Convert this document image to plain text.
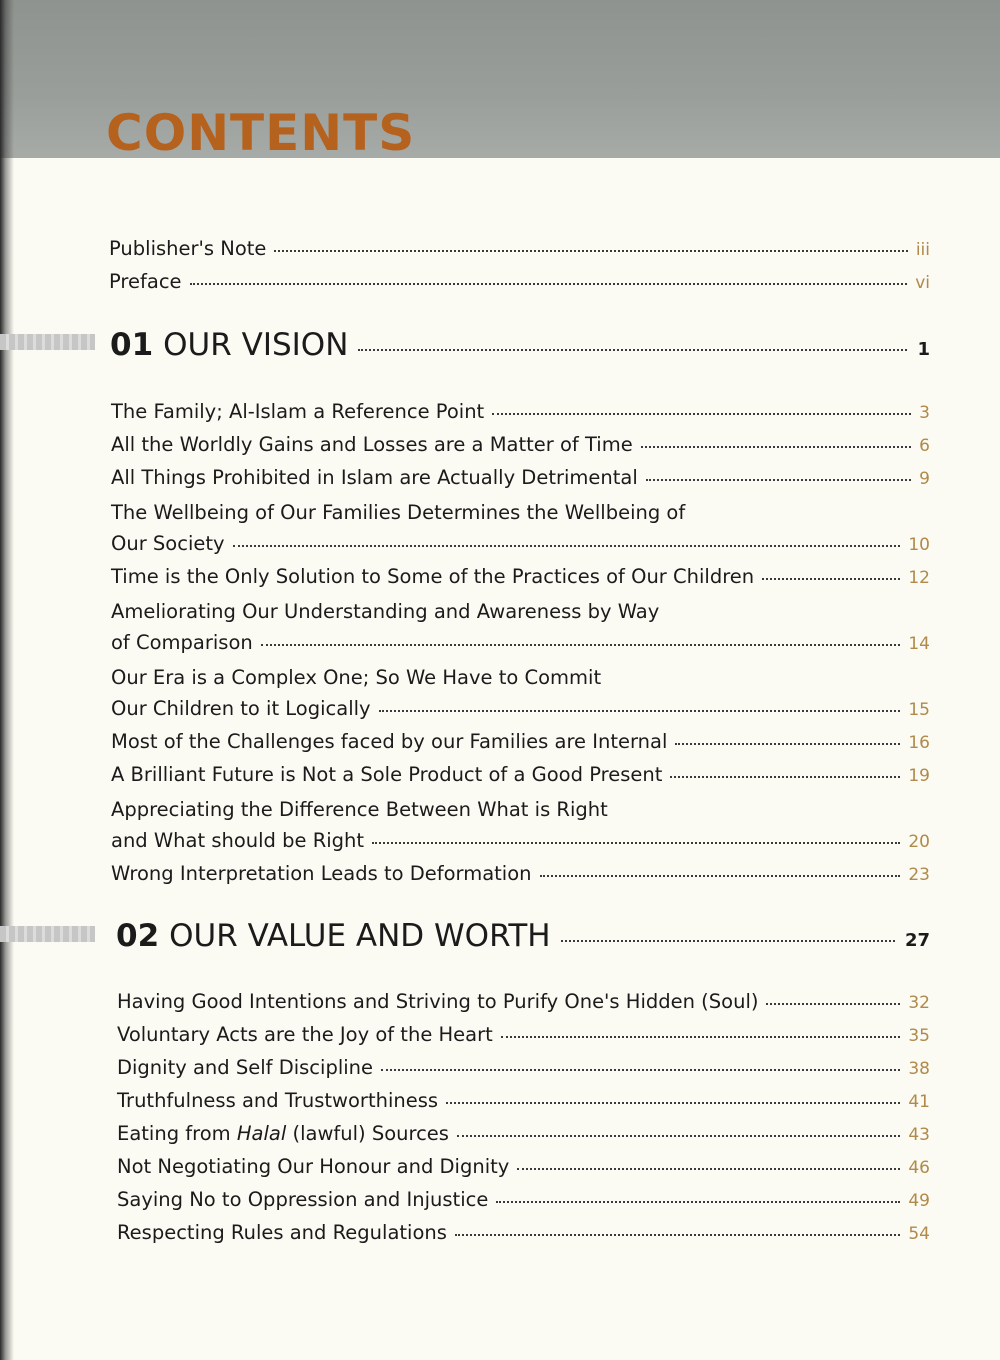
CONTENTS
Publisher's Note	iii
Preface	vi
01 OUR VISION	1
The Family; Al-Islam a Reference Point	3
All the Worldly Gains and Losses are a Matter of Time	6
All Things Prohibited in Islam are Actually Detrimental	9
The Wellbeing of Our Families Determines the Wellbeing of
Our Society	10
Time is the Only Solution to Some of the Practices of Our Children	12
Ameliorating Our Understanding and Awareness by Way
of Comparison	14
Our Era is a Complex One; So We Have to Commit
Our Children to it Logically	15
Most of the Challenges faced by our Families are Internal	16
A Brilliant Future is Not a Sole Product of a Good Present	19
Appreciating the Difference Between What is Right
and What should be Right	20
Wrong Interpretation Leads to Deformation	23
02 OUR VALUE AND WORTH	27
Having Good Intentions and Striving to Purify One's Hidden (Soul)	32
Voluntary Acts are the Joy of the Heart	35
Dignity and Self Discipline	38
Truthfulness and Trustworthiness	41
Eating from Halal (lawful) Sources	43
Not Negotiating Our Honour and Dignity	46
Saying No to Oppression and Injustice	49
Respecting Rules and Regulations	54
